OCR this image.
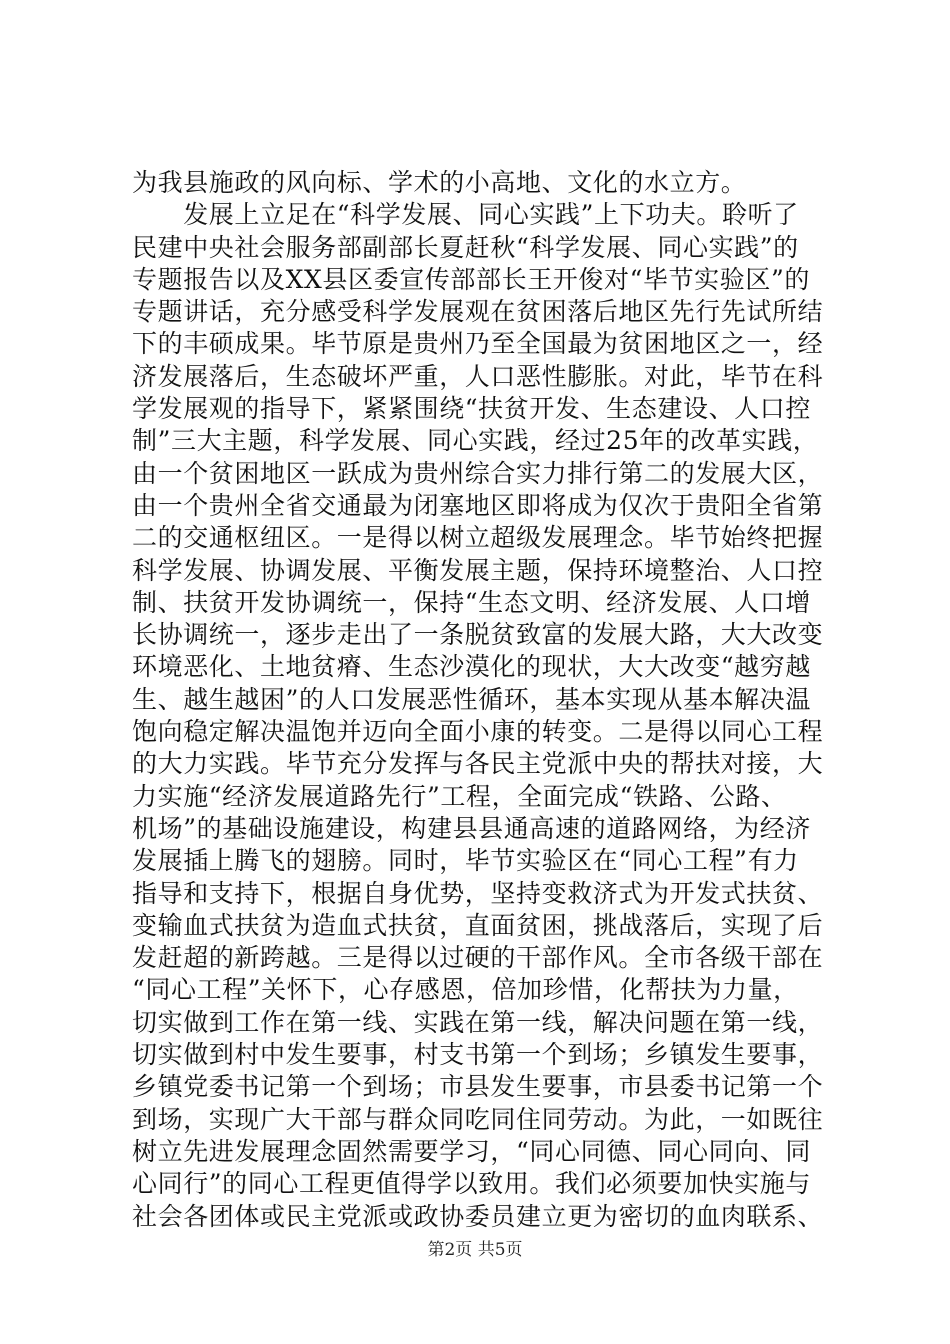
为我县施政的风向标、学术的小高地、文化的水立方。
　　发展上立足在“科学发展、同心实践”上下功夫。聆听了
民建中央社会服务部副部长夏赶秋“科学发展、同心实践”的
专题报告以及XX县区委宣传部部长王开俊对“毕节实验区”的
专题讲话，充分感受科学发展观在贫困落后地区先行先试所结
下的丰硕成果。毕节原是贵州乃至全国最为贫困地区之一，经
济发展落后，生态破坏严重，人口恶性膨胀。对此，毕节在科
学发展观的指导下，紧紧围绕“扶贫开发、生态建设、人口控
制”三大主题，科学发展、同心实践，经过25年的改革实践，
由一个贫困地区一跃成为贵州综合实力排行第二的发展大区，
由一个贵州全省交通最为闭塞地区即将成为仅次于贵阳全省第
二的交通枢纽区。一是得以树立超级发展理念。毕节始终把握
科学发展、协调发展、平衡发展主题，保持环境整治、人口控
制、扶贫开发协调统一，保持“生态文明、经济发展、人口增
长协调统一，逐步走出了一条脱贫致富的发展大路，大大改变
环境恶化、土地贫瘠、生态沙漠化的现状，大大改变“越穷越
生、越生越困”的人口发展恶性循环，基本实现从基本解决温
饱向稳定解决温饱并迈向全面小康的转变。二是得以同心工程
的大力实践。毕节充分发挥与各民主党派中央的帮扶对接，大
力实施“经济发展道路先行”工程，全面完成“铁路、公路、
机场”的基础设施建设，构建县县通高速的道路网络，为经济
发展插上腾飞的翅膀。同时，毕节实验区在“同心工程”有力
指导和支持下，根据自身优势，坚持变救济式为开发式扶贫、
变输血式扶贫为造血式扶贫，直面贫困，挑战落后，实现了后
发赶超的新跨越。三是得以过硬的干部作风。全市各级干部在
“同心工程”关怀下，心存感恩，倍加珍惜，化帮扶为力量，
切实做到工作在第一线、实践在第一线，解决问题在第一线，
切实做到村中发生要事，村支书第一个到场；乡镇发生要事，
乡镇党委书记第一个到场；市县发生要事，市县委书记第一个
到场，实现广大干部与群众同吃同住同劳动。为此，一如既往
树立先进发展理念固然需要学习，“同心同德、同心同向、同
心同行”的同心工程更值得学以致用。我们必须要加快实施与
社会各团体或民主党派或政协委员建立更为密切的血肉联系、
第2页 共5页
